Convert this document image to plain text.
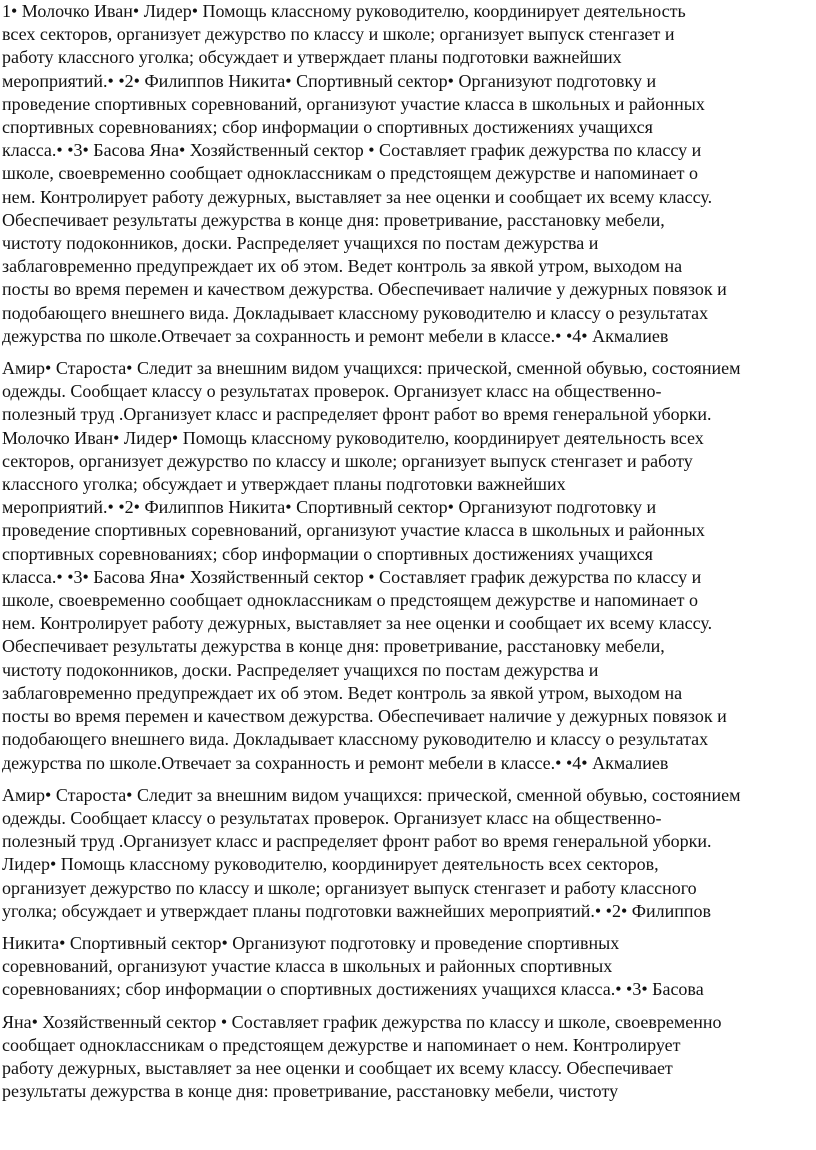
1• Молочко Иван• Лидер• Помощь классному руководителю, координирует деятельность
всех секторов, организует дежурство по классу и школе; организует выпуск стенгазет и
работу классного уголка; обсуждает и утверждает планы подготовки важнейших
мероприятий.• •2• Филиппов Никита• Спортивный сектор• Организуют подготовку и
проведение спортивных соревнований, организуют участие класса в школьных и районных
спортивных соревнованиях; сбор информации о спортивных достижениях учащихся
класса.• •3• Басова Яна• Хозяйственный сектор • Составляет график дежурства по классу и
школе, своевременно сообщает одноклассникам о предстоящем дежурстве и напоминает о
нем. Контролирует работу дежурных, выставляет за нее оценки и сообщает их всему классу.
Обеспечивает результаты дежурства в конце дня: проветривание, расстановку мебели,
чистоту подоконников, доски. Распределяет учащихся по постам дежурства и
заблаговременно предупреждает их об этом. Ведет контроль за явкой утром, выходом на
посты во время перемен и качеством дежурства. Обеспечивает наличие у дежурных повязок и
подобающего внешнего вида. Докладывает классному руководителю и классу о результатах
дежурства по школе.Отвечает за сохранность и ремонт мебели в классе.• •4• Акмалиев

Амир• Староста• Следит за внешним видом учащихся: прической, сменной обувью, состоянием
одежды. Сообщает классу о результатах проверок. Организует класс на общественно-
полезный труд .Организует класс и распределяет фронт работ во время генеральной уборки.
Молочко Иван• Лидер• Помощь классному руководителю, координирует деятельность всех
секторов, организует дежурство по классу и школе; организует выпуск стенгазет и работу
классного уголка; обсуждает и утверждает планы подготовки важнейших
мероприятий.• •2• Филиппов Никита• Спортивный сектор• Организуют подготовку и
проведение спортивных соревнований, организуют участие класса в школьных и районных
спортивных соревнованиях; сбор информации о спортивных достижениях учащихся
класса.• •3• Басова Яна• Хозяйственный сектор • Составляет график дежурства по классу и
школе, своевременно сообщает одноклассникам о предстоящем дежурстве и напоминает о
нем. Контролирует работу дежурных, выставляет за нее оценки и сообщает их всему классу.
Обеспечивает результаты дежурства в конце дня: проветривание, расстановку мебели,
чистоту подоконников, доски. Распределяет учащихся по постам дежурства и
заблаговременно предупреждает их об этом. Ведет контроль за явкой утром, выходом на
посты во время перемен и качеством дежурства. Обеспечивает наличие у дежурных повязок и
подобающего внешнего вида. Докладывает классному руководителю и классу о результатах
дежурства по школе.Отвечает за сохранность и ремонт мебели в классе.• •4• Акмалиев

Амир• Староста• Следит за внешним видом учащихся: прической, сменной обувью, состоянием
одежды. Сообщает классу о результатах проверок. Организует класс на общественно-
полезный труд .Организует класс и распределяет фронт работ во время генеральной уборки.
Лидер• Помощь классному руководителю, координирует деятельность всех секторов,
организует дежурство по классу и школе; организует выпуск стенгазет и работу классного
уголка; обсуждает и утверждает планы подготовки важнейших мероприятий.• •2• Филиппов

Никита• Спортивный сектор• Организуют подготовку и проведение спортивных
соревнований, организуют участие класса в школьных и районных спортивных
соревнованиях; сбор информации о спортивных достижениях учащихся класса.• •3• Басова

Яна• Хозяйственный сектор • Составляет график дежурства по классу и школе, своевременно
сообщает одноклассникам о предстоящем дежурстве и напоминает о нем. Контролирует
работу дежурных, выставляет за нее оценки и сообщает их всему классу. Обеспечивает
результаты дежурства в конце дня: проветривание, расстановку мебели, чистоту
